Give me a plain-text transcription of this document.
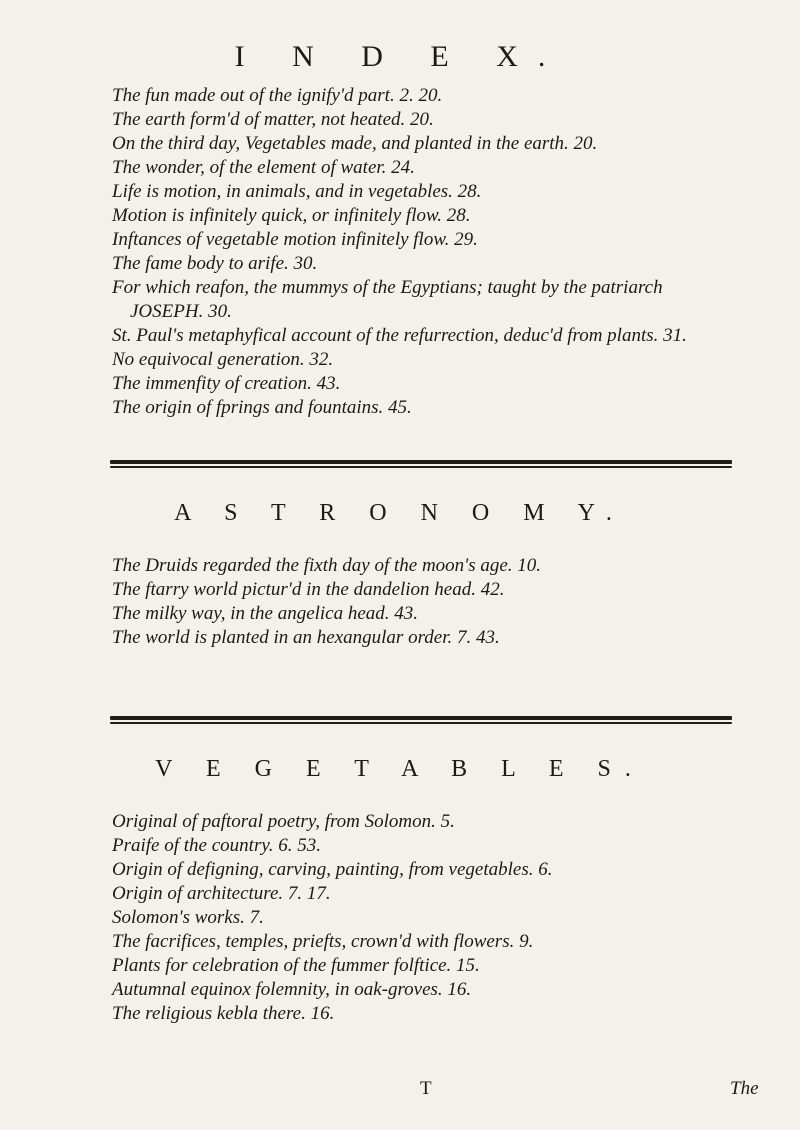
I N D E X.

The fun made out of the ignify'd part. 2. 20.

The earth form'd of matter, not heated. 20.

On the third day, Vegetables made, and planted in the earth. 20.

The wonder, of the element of water. 24.

Life is motion, in animals, and in vegetables. 28.

Motion is infinitely quick, or infinitely flow. 28.

Inftances of vegetable motion infinitely flow. 29.

The fame body to arife. 30.

For which reafon, the mummys of the Egyptians; taught by the patriarch JOSEPH. 30.

St. Paul's metaphyfical account of the refurrection, deduc'd from plants. 31.

No equivocal generation. 32.

The immenfity of creation. 43.

The origin of fprings and fountains. 45.

A S T R O N O M Y.

The Druids regarded the fixth day of the moon's age. 10.

The ftarry world pictur'd in the dandelion head. 42.

The milky way, in the angelica head. 43.

The world is planted in an hexangular order. 7. 43.

V E G E T A B L E S.

Original of paftoral poetry, from Solomon. 5.

Praife of the country. 6. 53.

Origin of defigning, carving, painting, from vegetables. 6.

Origin of architecture. 7. 17.

Solomon's works. 7.

The facrifices, temples, priefts, crown'd with flowers. 9.

Plants for celebration of the fummer folftice. 15.

Autumnal equinox folemnity, in oak-groves. 16.

The religious kebla there. 16.

T	The
